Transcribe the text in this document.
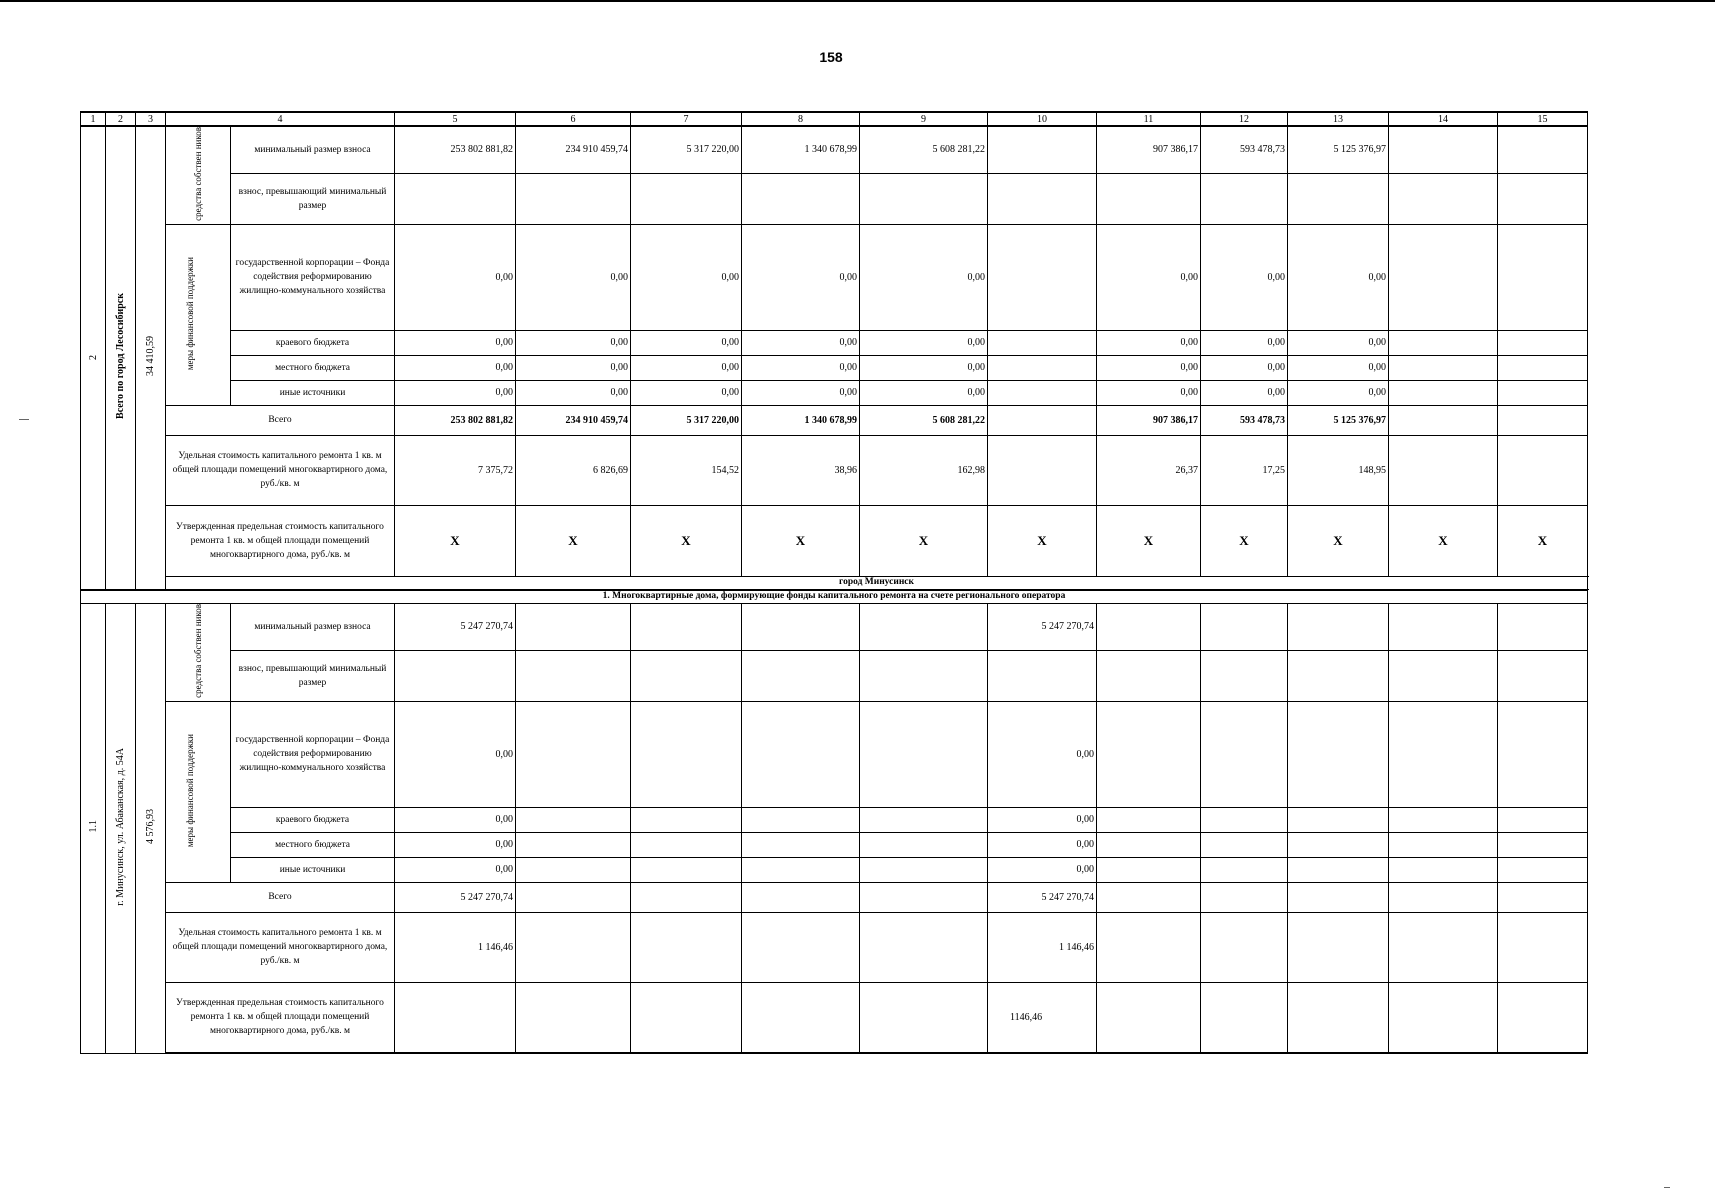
158
1	2	3	4		5	6	7	8	9	10	11	12	13	14	15
2	Всего по город Лесосибирск	34 410,59	средства собствен ников	минимальный размер взноса	253 802 881,82	234 910 459,74	5 317 220,00	1 340 678,99	5 608 281,22		907 386,17	593 478,73	5 125 376,97		
				взнос, превышающий минимальный размер											
			меры финансовой поддержки	государственной корпорации – Фонда содействия реформированию жилищно-коммунального хозяйства	0,00	0,00	0,00	0,00	0,00		0,00	0,00	0,00		
				краевого бюджета	0,00	0,00	0,00	0,00	0,00		0,00	0,00	0,00		
				местного бюджета	0,00	0,00	0,00	0,00	0,00		0,00	0,00	0,00		
				иные источники	0,00	0,00	0,00	0,00	0,00		0,00	0,00	0,00		
			Всего		253 802 881,82	234 910 459,74	5 317 220,00	1 340 678,99	5 608 281,22		907 386,17	593 478,73	5 125 376,97		
			Удельная стоимость капитального ремонта 1 кв. м общей площади помещений многоквартирного дома, руб./кв. м		7 375,72	6 826,69	154,52	38,96	162,98		26,37	17,25	148,95		
			Утвержденная предельная стоимость капитального ремонта 1 кв. м общей площади помещений многоквартирного дома, руб./кв. м		X	X	X	X	X	X	X	X	X	X	X
			город Минусинск												
1. Многоквартирные дома, формирующие фонды капитального ремонта на счете регионального оператора															
1.1	г. Минусинск, ул. Абаканская, д. 54А	4 576,93	средства собствен ников	минимальный размер взноса	5 247 270,74					5 247 270,74					
				взнос, превышающий минимальный размер											
			меры финансовой поддержки	государственной корпорации – Фонда содействия реформированию жилищно-коммунального хозяйства	0,00					0,00					
				краевого бюджета	0,00					0,00					
				местного бюджета	0,00					0,00					
				иные источники	0,00					0,00					
			Всего		5 247 270,74					5 247 270,74					
			Удельная стоимость капитального ремонта 1 кв. м общей площади помещений многоквартирного дома, руб./кв. м		1 146,46					1 146,46					
			Утвержденная предельная стоимость капитального ремонта 1 кв. м общей площади помещений многоквартирного дома, руб./кв. м							1146,46					
